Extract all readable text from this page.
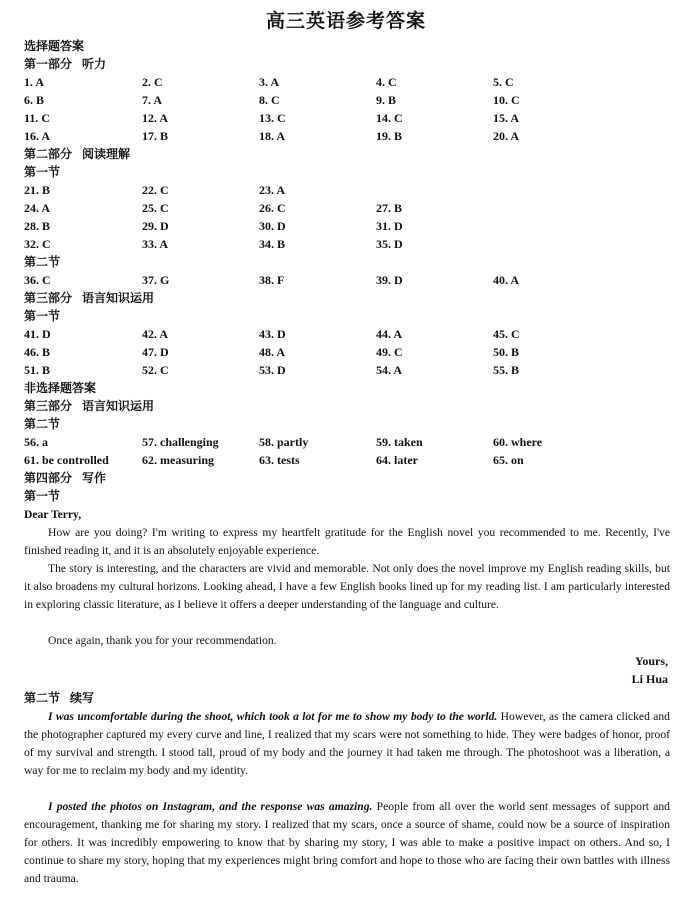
高三英语参考答案
选择题答案
第一部分 听力
第二部分 阅读理解
第一节
第二节
第三部分 语言知识运用
第一节
非选择题答案
第三部分 语言知识运用
第二节
第四部分 写作
第一节
Dear Terry,
How are you doing? I'm writing to express my heartfelt gratitude for the English novel you recommended to me. Recently, I've finished reading it, and it is an absolutely enjoyable experience.
The story is interesting, and the characters are vivid and memorable. Not only does the novel improve my English reading skills, but it also broadens my cultural horizons. Looking ahead, I have a few English books lined up for my reading list. I am particularly interested in exploring classic literature, as I believe it offers a deeper understanding of the language and culture.
Once again, thank you for your recommendation.
Yours,
Li Hua
第二节 续写
I was uncomfortable during the shoot, which took a lot for me to show my body to the world. However, as the camera clicked and the photographer captured my every curve and line, I realized that my scars were not something to hide. They were badges of honor, proof of my survival and strength. I stood tall, proud of my body and the journey it had taken me through. The photoshoot was a liberation, a way for me to reclaim my body and my identity.
I posted the photos on Instagram, and the response was amazing. People from all over the world sent messages of support and encouragement, thanking me for sharing my story. I realized that my scars, once a source of shame, could now be a source of inspiration for others. It was incredibly empowering to know that by sharing my story, I was able to make a positive impact on others. And so, I continue to share my story, hoping that my experiences might bring comfort and hope to those who are facing their own battles with illness and trauma.
1. A	2. C	3. A	4. C	5. C
6. B	7. A	8. C	9. B	10. C
11. C	12. A	13. C	14. C	15. A
16. A	17. B	18. A	19. B	20. A
21. B	22. C	23. A
24. A	25. C	26. C	27. B
28. B	29. D	30. D	31. D
32. C	33. A	34. B	35. D
36. C	37. G	38. F	39. D	40. A
41. D	42. A	43. D	44. A	45. C
46. B	47. D	48. A	49. C	50. B
51. B	52. C	53. D	54. A	55. B
56. a	57. challenging	58. partly	59. taken	60. where
61. be controlled	62. measuring	63. tests	64. later	65. on
